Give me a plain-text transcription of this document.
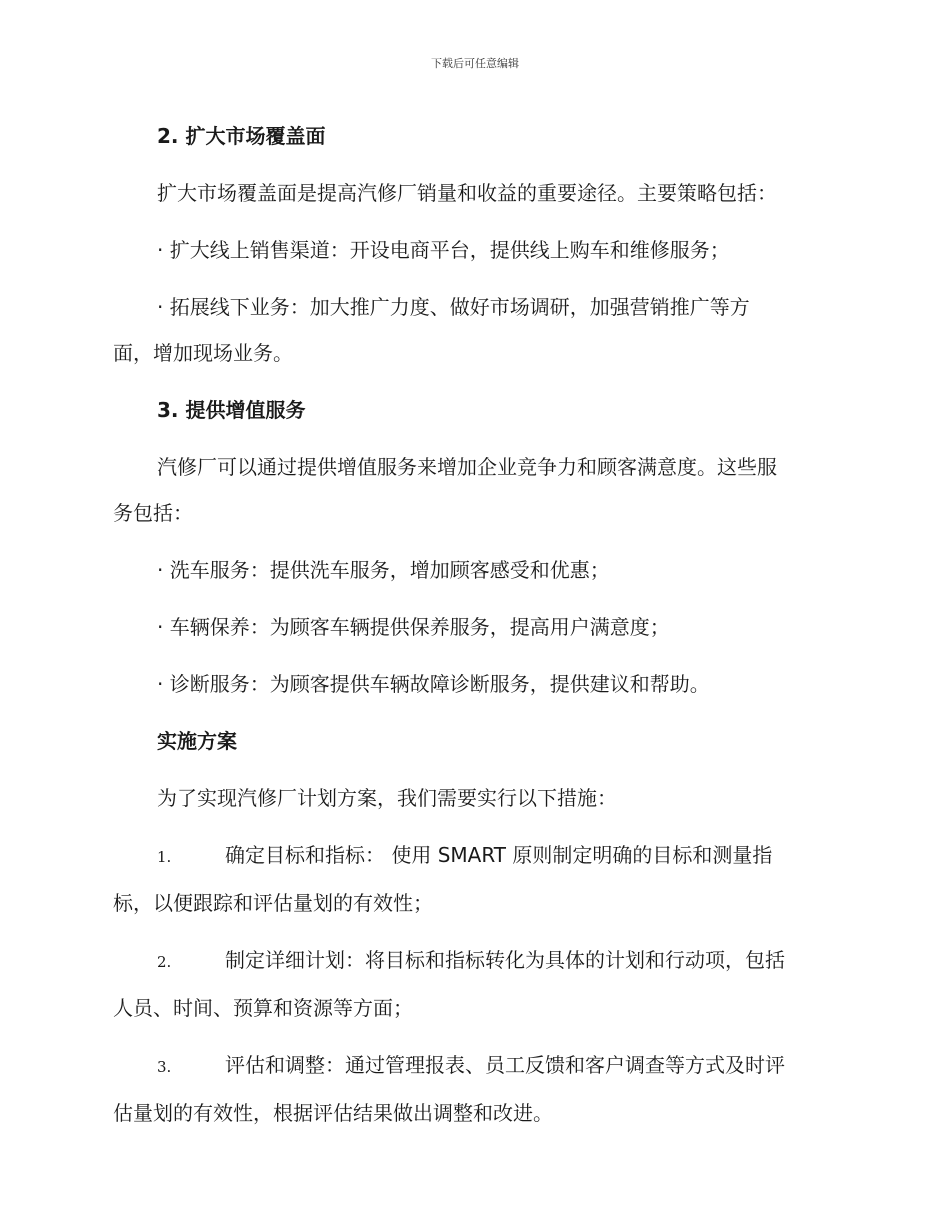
下载后可任意编辑
2. 扩大市场覆盖面
扩大市场覆盖面是提高汽修厂销量和收益的重要途径。主要策略包括：
· 扩大线上销售渠道：开设电商平台，提供线上购车和维修服务；
· 拓展线下业务：加大推广力度、做好市场调研，加强营销推广等方
面，增加现场业务。
3. 提供增值服务
汽修厂可以通过提供增值服务来增加企业竞争力和顾客满意度。这些服
务包括：
· 洗车服务：提供洗车服务，增加顾客感受和优惠；
· 车辆保养：为顾客车辆提供保养服务，提高用户满意度；
· 诊断服务：为顾客提供车辆故障诊断服务，提供建议和帮助。
实施方案
为了实现汽修厂计划方案，我们需要实行以下措施：
1.	确定目标和指标： 使用 SMART 原则制定明确的目标和测量指
标，以便跟踪和评估量划的有效性；
2.	制定详细计划：将目标和指标转化为具体的计划和行动项，包括
人员、时间、预算和资源等方面；
3.	评估和调整：通过管理报表、员工反馈和客户调查等方式及时评
估量划的有效性，根据评估结果做出调整和改进。
